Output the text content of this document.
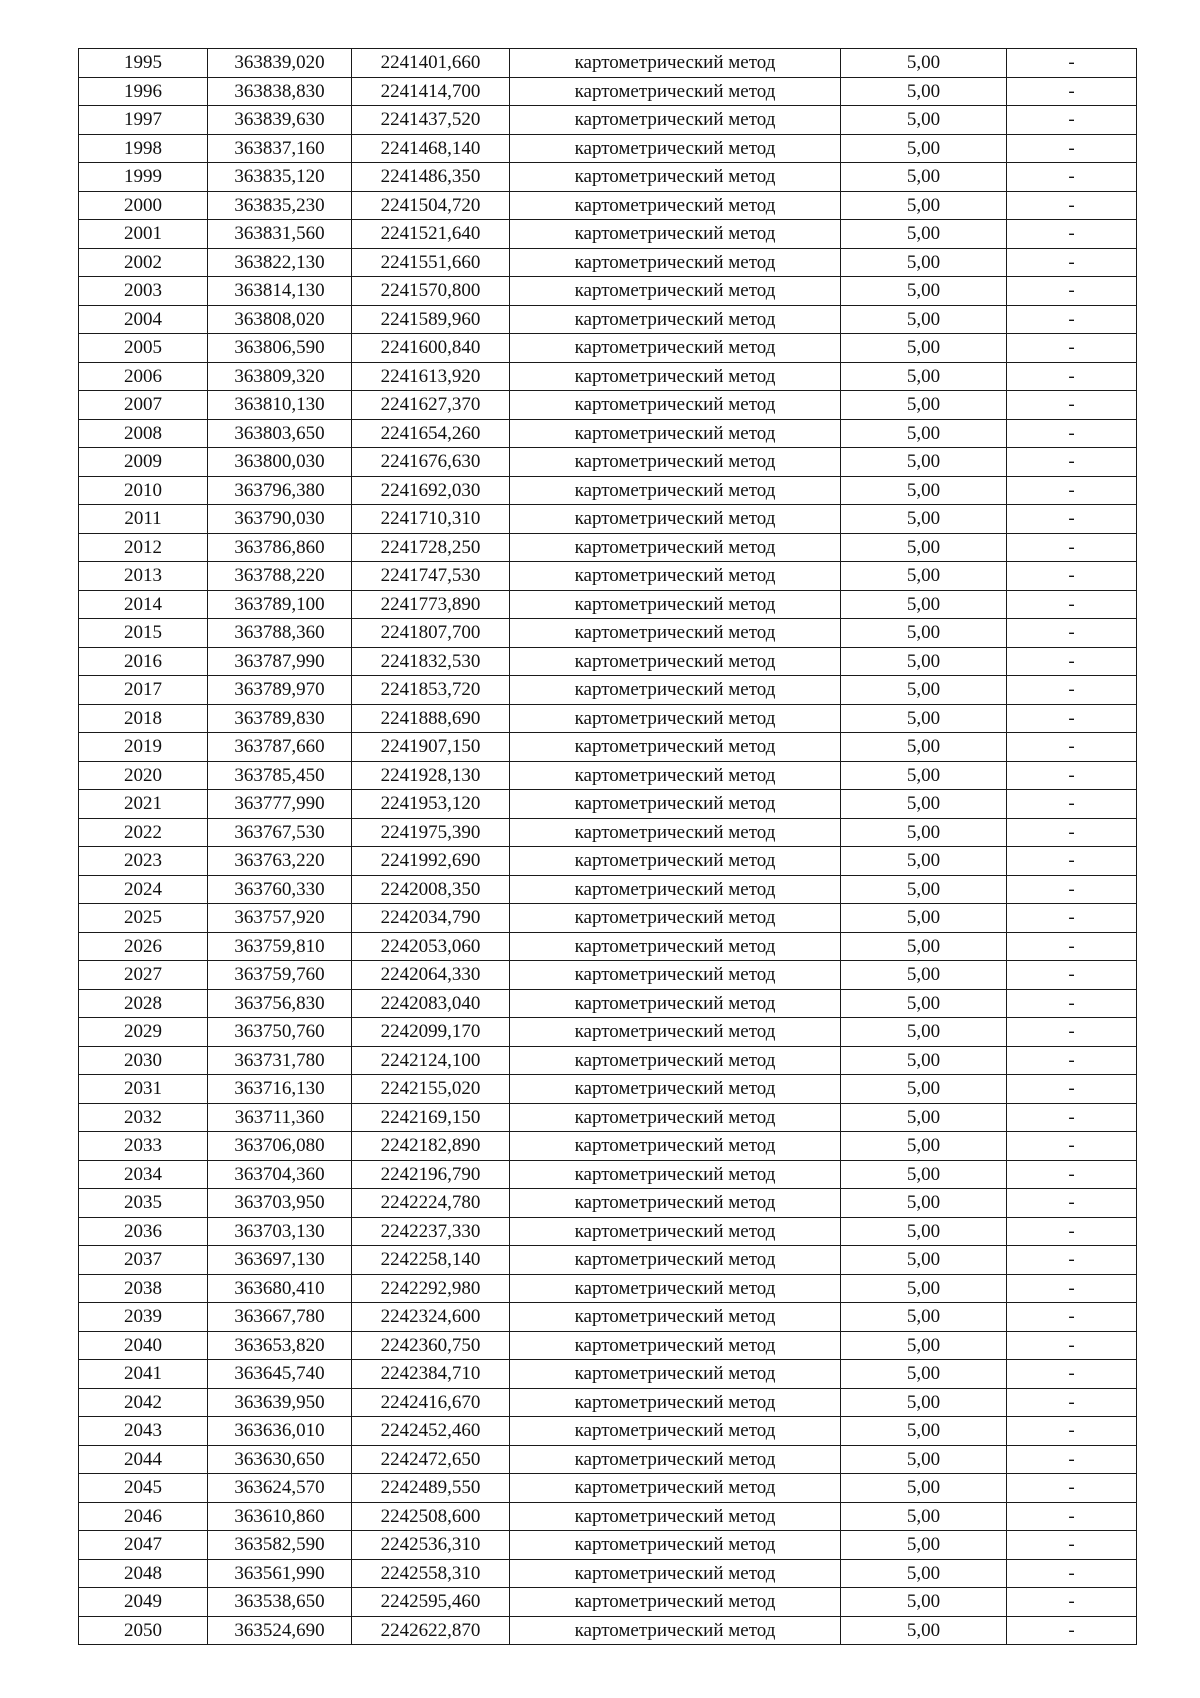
1995	363839,020	2241401,660	картометрический метод	5,00	-
1996	363838,830	2241414,700	картометрический метод	5,00	-
1997	363839,630	2241437,520	картометрический метод	5,00	-
1998	363837,160	2241468,140	картометрический метод	5,00	-
1999	363835,120	2241486,350	картометрический метод	5,00	-
2000	363835,230	2241504,720	картометрический метод	5,00	-
2001	363831,560	2241521,640	картометрический метод	5,00	-
2002	363822,130	2241551,660	картометрический метод	5,00	-
2003	363814,130	2241570,800	картометрический метод	5,00	-
2004	363808,020	2241589,960	картометрический метод	5,00	-
2005	363806,590	2241600,840	картометрический метод	5,00	-
2006	363809,320	2241613,920	картометрический метод	5,00	-
2007	363810,130	2241627,370	картометрический метод	5,00	-
2008	363803,650	2241654,260	картометрический метод	5,00	-
2009	363800,030	2241676,630	картометрический метод	5,00	-
2010	363796,380	2241692,030	картометрический метод	5,00	-
2011	363790,030	2241710,310	картометрический метод	5,00	-
2012	363786,860	2241728,250	картометрический метод	5,00	-
2013	363788,220	2241747,530	картометрический метод	5,00	-
2014	363789,100	2241773,890	картометрический метод	5,00	-
2015	363788,360	2241807,700	картометрический метод	5,00	-
2016	363787,990	2241832,530	картометрический метод	5,00	-
2017	363789,970	2241853,720	картометрический метод	5,00	-
2018	363789,830	2241888,690	картометрический метод	5,00	-
2019	363787,660	2241907,150	картометрический метод	5,00	-
2020	363785,450	2241928,130	картометрический метод	5,00	-
2021	363777,990	2241953,120	картометрический метод	5,00	-
2022	363767,530	2241975,390	картометрический метод	5,00	-
2023	363763,220	2241992,690	картометрический метод	5,00	-
2024	363760,330	2242008,350	картометрический метод	5,00	-
2025	363757,920	2242034,790	картометрический метод	5,00	-
2026	363759,810	2242053,060	картометрический метод	5,00	-
2027	363759,760	2242064,330	картометрический метод	5,00	-
2028	363756,830	2242083,040	картометрический метод	5,00	-
2029	363750,760	2242099,170	картометрический метод	5,00	-
2030	363731,780	2242124,100	картометрический метод	5,00	-
2031	363716,130	2242155,020	картометрический метод	5,00	-
2032	363711,360	2242169,150	картометрический метод	5,00	-
2033	363706,080	2242182,890	картометрический метод	5,00	-
2034	363704,360	2242196,790	картометрический метод	5,00	-
2035	363703,950	2242224,780	картометрический метод	5,00	-
2036	363703,130	2242237,330	картометрический метод	5,00	-
2037	363697,130	2242258,140	картометрический метод	5,00	-
2038	363680,410	2242292,980	картометрический метод	5,00	-
2039	363667,780	2242324,600	картометрический метод	5,00	-
2040	363653,820	2242360,750	картометрический метод	5,00	-
2041	363645,740	2242384,710	картометрический метод	5,00	-
2042	363639,950	2242416,670	картометрический метод	5,00	-
2043	363636,010	2242452,460	картометрический метод	5,00	-
2044	363630,650	2242472,650	картометрический метод	5,00	-
2045	363624,570	2242489,550	картометрический метод	5,00	-
2046	363610,860	2242508,600	картометрический метод	5,00	-
2047	363582,590	2242536,310	картометрический метод	5,00	-
2048	363561,990	2242558,310	картометрический метод	5,00	-
2049	363538,650	2242595,460	картометрический метод	5,00	-
2050	363524,690	2242622,870	картометрический метод	5,00	-
